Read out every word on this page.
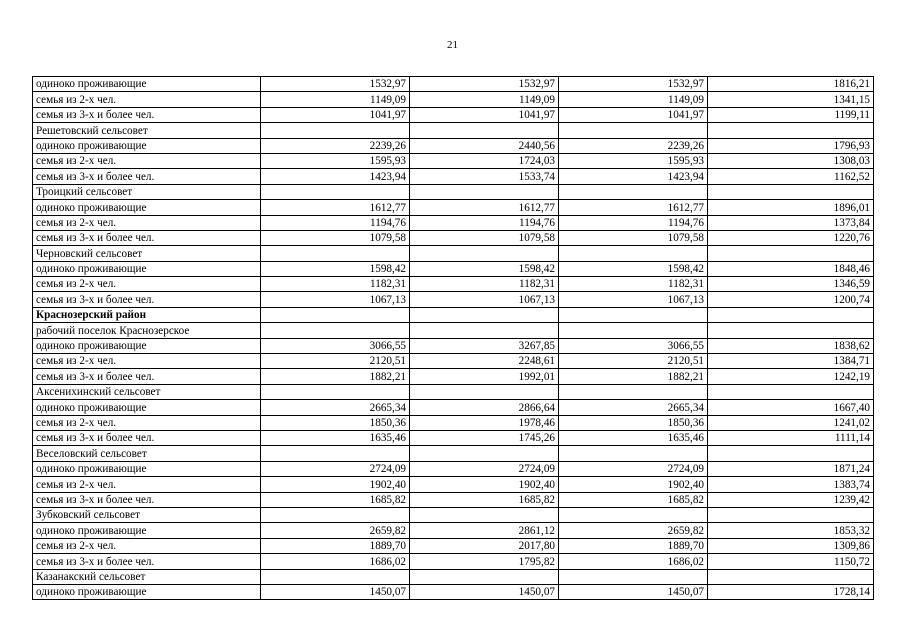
21
одиноко проживающие	1532,97	1532,97	1532,97	1816,21
семья из 2-х чел.	1149,09	1149,09	1149,09	1341,15
семья из 3-х и более чел.	1041,97	1041,97	1041,97	1199,11
Решетовский сельсовет				
одиноко проживающие	2239,26	2440,56	2239,26	1796,93
семья из 2-х чел.	1595,93	1724,03	1595,93	1308,03
семья из 3-х и более чел.	1423,94	1533,74	1423,94	1162,52
Троицкий сельсовет				
одиноко проживающие	1612,77	1612,77	1612,77	1896,01
семья из 2-х чел.	1194,76	1194,76	1194,76	1373,84
семья из 3-х и более чел.	1079,58	1079,58	1079,58	1220,76
Черновский сельсовет				
одиноко проживающие	1598,42	1598,42	1598,42	1848,46
семья из 2-х чел.	1182,31	1182,31	1182,31	1346,59
семья из 3-х и более чел.	1067,13	1067,13	1067,13	1200,74
Краснозерский район				
рабочий поселок Краснозерское				
одиноко проживающие	3066,55	3267,85	3066,55	1838,62
семья из 2-х чел.	2120,51	2248,61	2120,51	1384,71
семья из 3-х и более чел.	1882,21	1992,01	1882,21	1242,19
Аксенихинский сельсовет				
одиноко проживающие	2665,34	2866,64	2665,34	1667,40
семья из 2-х чел.	1850,36	1978,46	1850,36	1241,02
семья из 3-х и более чел.	1635,46	1745,26	1635,46	1111,14
Веселовский сельсовет				
одиноко проживающие	2724,09	2724,09	2724,09	1871,24
семья из 2-х чел.	1902,40	1902,40	1902,40	1383,74
семья из 3-х и более чел.	1685,82	1685,82	1685,82	1239,42
Зубковский сельсовет				
одиноко проживающие	2659,82	2861,12	2659,82	1853,32
семья из 2-х чел.	1889,70	2017,80	1889,70	1309,86
семья из 3-х и более чел.	1686,02	1795,82	1686,02	1150,72
Казанакский сельсовет				
одиноко проживающие	1450,07	1450,07	1450,07	1728,14
